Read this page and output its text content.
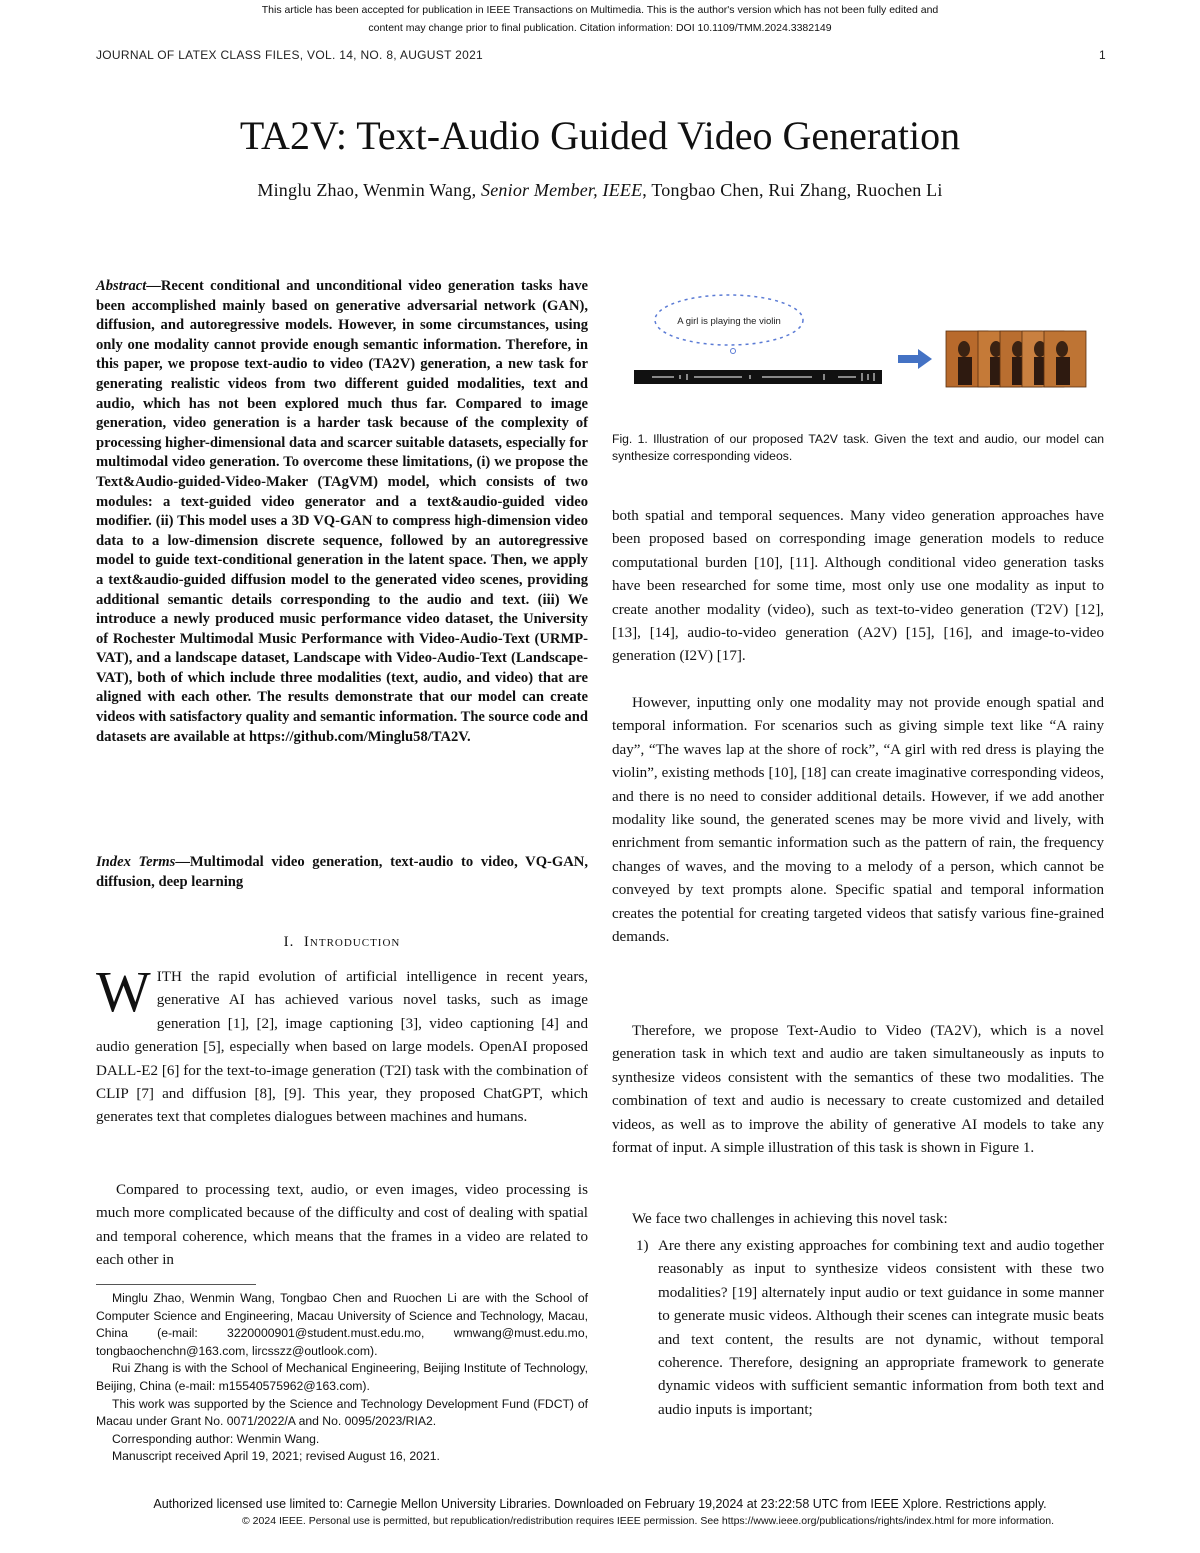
This article has been accepted for publication in IEEE Transactions on Multimedia. This is the author's version which has not been fully edited and
content may change prior to final publication. Citation information: DOI 10.1109/TMM.2024.3382149
JOURNAL OF LATEX CLASS FILES, VOL. 14, NO. 8, AUGUST 2021	1
TA2V: Text-Audio Guided Video Generation
Minglu Zhao, Wenmin Wang, Senior Member, IEEE, Tongbao Chen, Rui Zhang, Ruochen Li
Abstract—Recent conditional and unconditional video generation tasks have been accomplished mainly based on generative adversarial network (GAN), diffusion, and autoregressive models. However, in some circumstances, using only one modality cannot provide enough semantic information. Therefore, in this paper, we propose text-audio to video (TA2V) generation, a new task for generating realistic videos from two different guided modalities, text and audio, which has not been explored much thus far. Compared to image generation, video generation is a harder task because of the complexity of processing higher-dimensional data and scarcer suitable datasets, especially for multimodal video generation. To overcome these limitations, (i) we propose the Text&Audio-guided-Video-Maker (TAgVM) model, which consists of two modules: a text-guided video generator and a text&audio-guided video modifier. (ii) This model uses a 3D VQ-GAN to compress high-dimension video data to a low-dimension discrete sequence, followed by an autoregressive model to guide text-conditional generation in the latent space. Then, we apply a text&audio-guided diffusion model to the generated video scenes, providing additional semantic details corresponding to the audio and text. (iii) We introduce a newly produced music performance video dataset, the University of Rochester Multimodal Music Performance with Video-Audio-Text (URMP-VAT), and a landscape dataset, Landscape with Video-Audio-Text (Landscape-VAT), both of which include three modalities (text, audio, and video) that are aligned with each other. The results demonstrate that our model can create videos with satisfactory quality and semantic information. The source code and datasets are available at https://github.com/Minglu58/TA2V.
Index Terms—Multimodal video generation, text-audio to video, VQ-GAN, diffusion, deep learning
I. Introduction
WITH the rapid evolution of artificial intelligence in recent years, generative AI has achieved various novel tasks, such as image generation [1], [2], image captioning [3], video captioning [4] and audio generation [5], especially when based on large models. OpenAI proposed DALL-E2 [6] for the text-to-image generation (T2I) task with the combination of CLIP [7] and diffusion [8], [9]. This year, they proposed ChatGPT, which generates text that completes dialogues between machines and humans.
Compared to processing text, audio, or even images, video processing is much more complicated because of the difficulty and cost of dealing with spatial and temporal coherence, which means that the frames in a video are related to each other in

Minglu Zhao, Wenmin Wang, Tongbao Chen and Ruochen Li are with the School of Computer Science and Engineering, Macau University of Science and Technology, Macau, China (e-mail: 3220000901@student.must.edu.mo, wmwang@must.edu.mo, tongbaochenchn@163.com, lircsszz@outlook.com).

Rui Zhang is with the School of Mechanical Engineering, Beijing Institute of Technology, Beijing, China (e-mail: m15540575962@163.com).

This work was supported by the Science and Technology Development Fund (FDCT) of Macau under Grant No. 0071/2022/A and No. 0095/2023/RIA2.

Corresponding author: Wenmin Wang.

Manuscript received April 19, 2021; revised August 16, 2021.

A girl is playing the violin
Fig. 1. Illustration of our proposed TA2V task. Given the text and audio, our model can synthesize corresponding videos.
both spatial and temporal sequences. Many video generation approaches have been proposed based on corresponding image generation models to reduce computational burden [10], [11]. Although conditional video generation tasks have been researched for some time, most only use one modality as input to create another modality (video), such as text-to-video generation (T2V) [12], [13], [14], audio-to-video generation (A2V) [15], [16], and image-to-video generation (I2V) [17].
However, inputting only one modality may not provide enough spatial and temporal information. For scenarios such as giving simple text like “A rainy day”, “The waves lap at the shore of rock”, “A girl with red dress is playing the violin”, existing methods [10], [18] can create imaginative corresponding videos, and there is no need to consider additional details. However, if we add another modality like sound, the generated scenes may be more vivid and lively, with enrichment from semantic information such as the pattern of rain, the frequency changes of waves, and the moving to a melody of a person, which cannot be conveyed by text prompts alone. Specific spatial and temporal information creates the potential for creating targeted videos that satisfy various fine-grained demands.
Therefore, we propose Text-Audio to Video (TA2V), which is a novel generation task in which text and audio are taken simultaneously as inputs to synthesize videos consistent with the semantics of these two modalities. The combination of text and audio is necessary to create customized and detailed videos, as well as to improve the ability of generative AI models to take any format of input. A simple illustration of this task is shown in Figure 1.
We face two challenges in achieving this novel task:
1) Are there any existing approaches for combining text and audio together reasonably as input to synthesize videos consistent with these two modalities? [19] alternately input audio or text guidance in some manner to generate music videos. Although their scenes can integrate music beats and text content, the results are not dynamic, without temporal coherence. Therefore, designing an appropriate framework to generate dynamic videos with sufficient semantic information from both text and audio inputs is important;
Authorized licensed use limited to: Carnegie Mellon University Libraries. Downloaded on February 19,2024 at 23:22:58 UTC from IEEE Xplore. Restrictions apply.
© 2024 IEEE. Personal use is permitted, but republication/redistribution requires IEEE permission. See https://www.ieee.org/publications/rights/index.html for more information.
